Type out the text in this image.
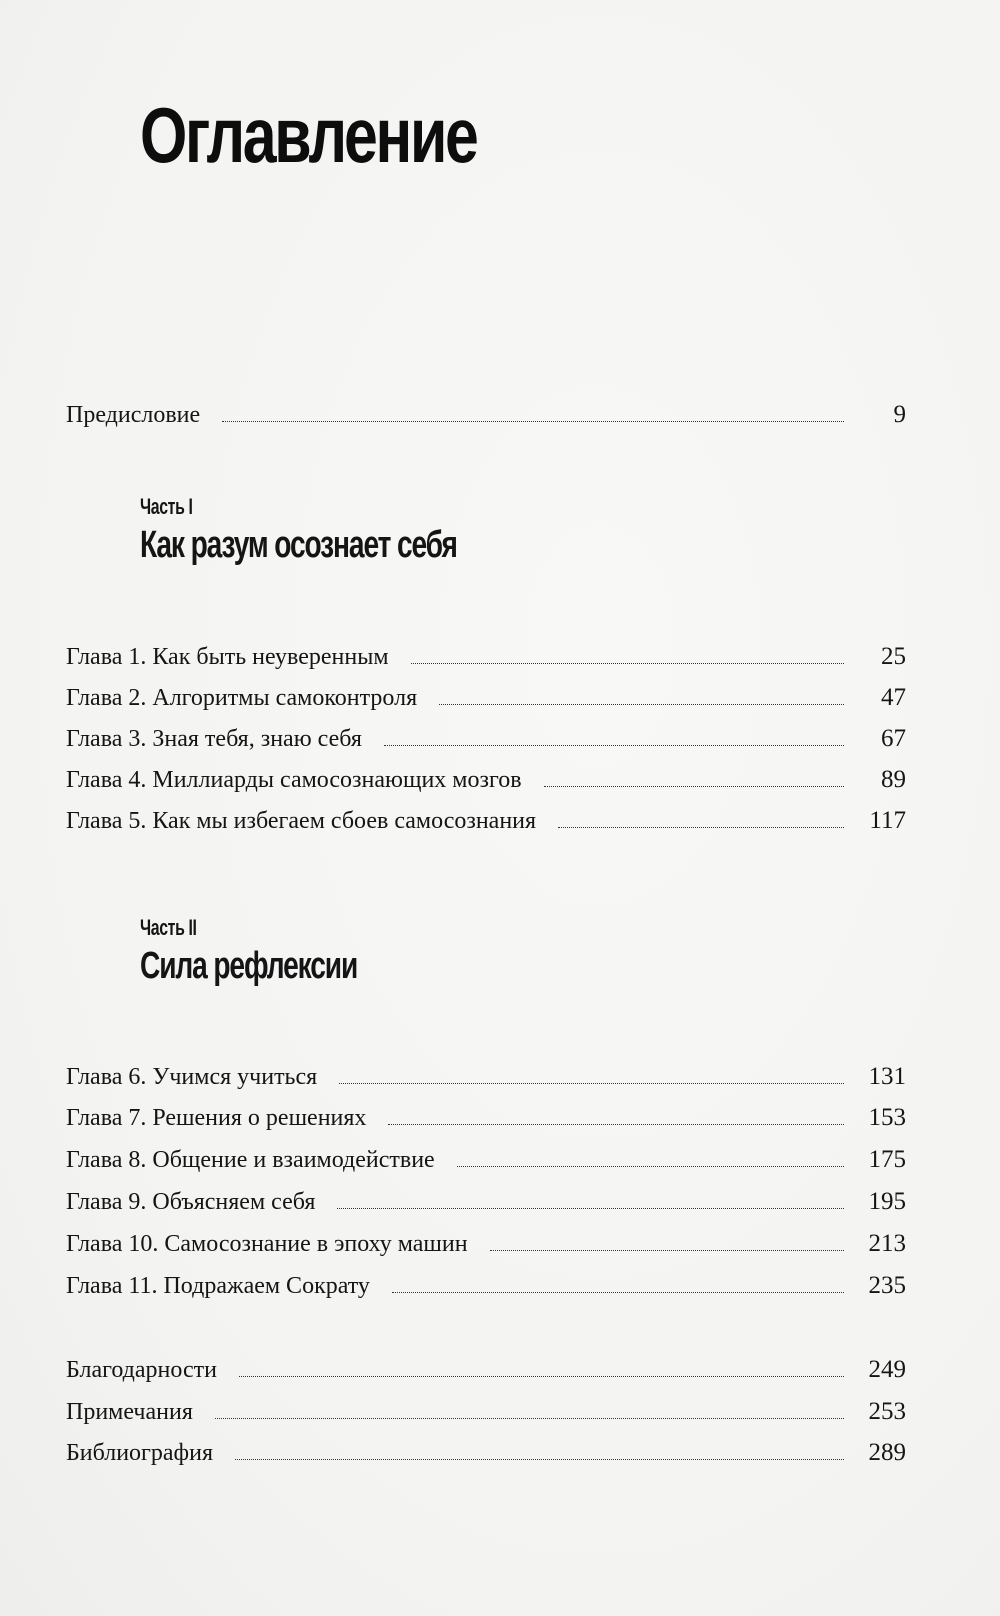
Оглавление
Предисловие	9
Часть I
Как разум осознает себя
Глава 1. Как быть неуверенным	25
Глава 2. Алгоритмы самоконтроля	47
Глава 3. Зная тебя, знаю себя	67
Глава 4. Миллиарды самосознающих мозгов	89
Глава 5. Как мы избегаем сбоев самосознания	117
Часть II
Сила рефлексии
Глава 6. Учимся учиться	131
Глава 7. Решения о решениях	153
Глава 8. Общение и взаимодействие	175
Глава 9. Объясняем себя	195
Глава 10. Самосознание в эпоху машин	213
Глава 11. Подражаем Сократу	235
Благодарности	249
Примечания	253
Библиография	289
